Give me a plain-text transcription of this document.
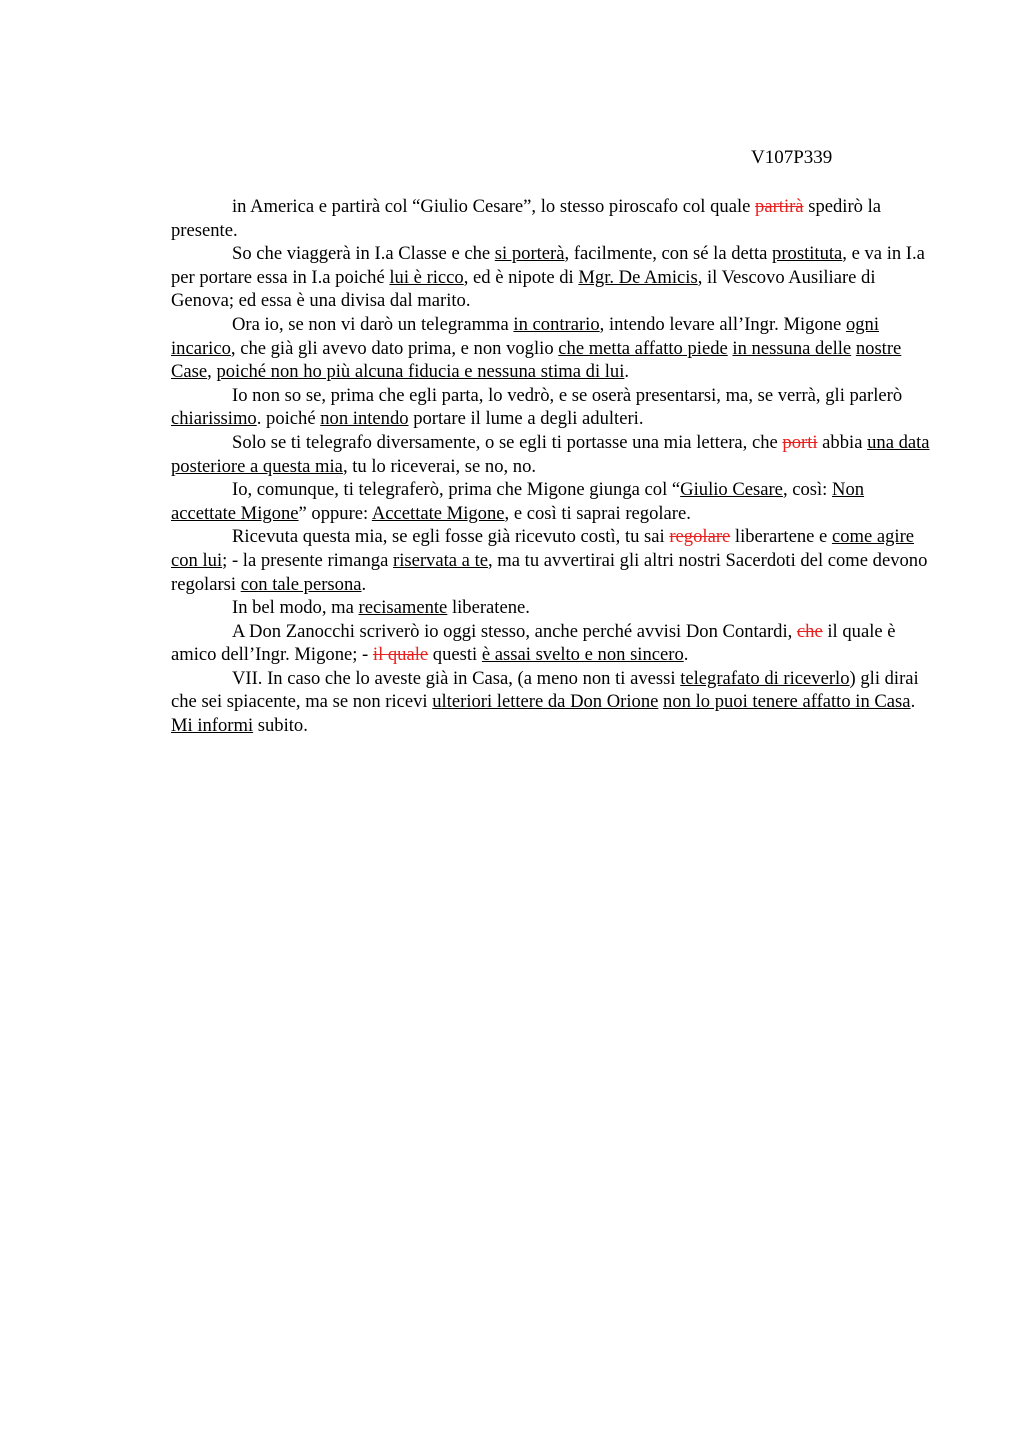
V107P339

in America e partirà col “Giulio Cesare”, lo stesso piroscafo col quale partirà spedirò la presente.

So che viaggerà in I.a Classe e che si porterà, facilmente, con sé la detta prostituta, e va in I.a per portare essa in I.a poiché lui è ricco, ed è nipote di Mgr. De Amicis, il Vescovo Ausiliare di Genova; ed essa è una divisa dal marito.

Ora io, se non vi darò un telegramma in contrario, intendo levare all’Ingr. Migone ogni incarico, che già gli avevo dato prima, e non voglio che metta affatto piede in nessuna delle nostre Case, poiché non ho più alcuna fiducia e nessuna stima di lui.

Io non so se, prima che egli parta, lo vedrò, e se oserà presentarsi, ma, se verrà, gli parlerò chiarissimo. poiché non intendo portare il lume a degli adulteri.

Solo se ti telegrafo diversamente, o se egli ti portasse una mia lettera, che porti abbia una data posteriore a questa mia, tu lo riceverai, se no, no.

Io, comunque, ti telegraferò, prima che Migone giunga col “Giulio Cesare, così: Non accettate Migone” oppure: Accettate Migone, e così ti saprai regolare.

Ricevuta questa mia, se egli fosse già ricevuto costì, tu sai regolare liberartene e come agire con lui; - la presente rimanga riservata a te, ma tu avvertirai gli altri nostri Sacerdoti del come devono regolarsi con tale persona.

In bel modo, ma recisamente liberatene.

A Don Zanocchi scriverò io oggi stesso, anche perché avvisi Don Contardi, che il quale è amico dell’Ingr. Migone; - il quale questi è assai svelto e non sincero.

VII. In caso che lo aveste già in Casa, (a meno non ti avessi telegrafato di riceverlo) gli dirai che sei spiacente, ma se non ricevi ulteriori lettere da Don Orione non lo puoi tenere affatto in Casa. Mi informi subito.
